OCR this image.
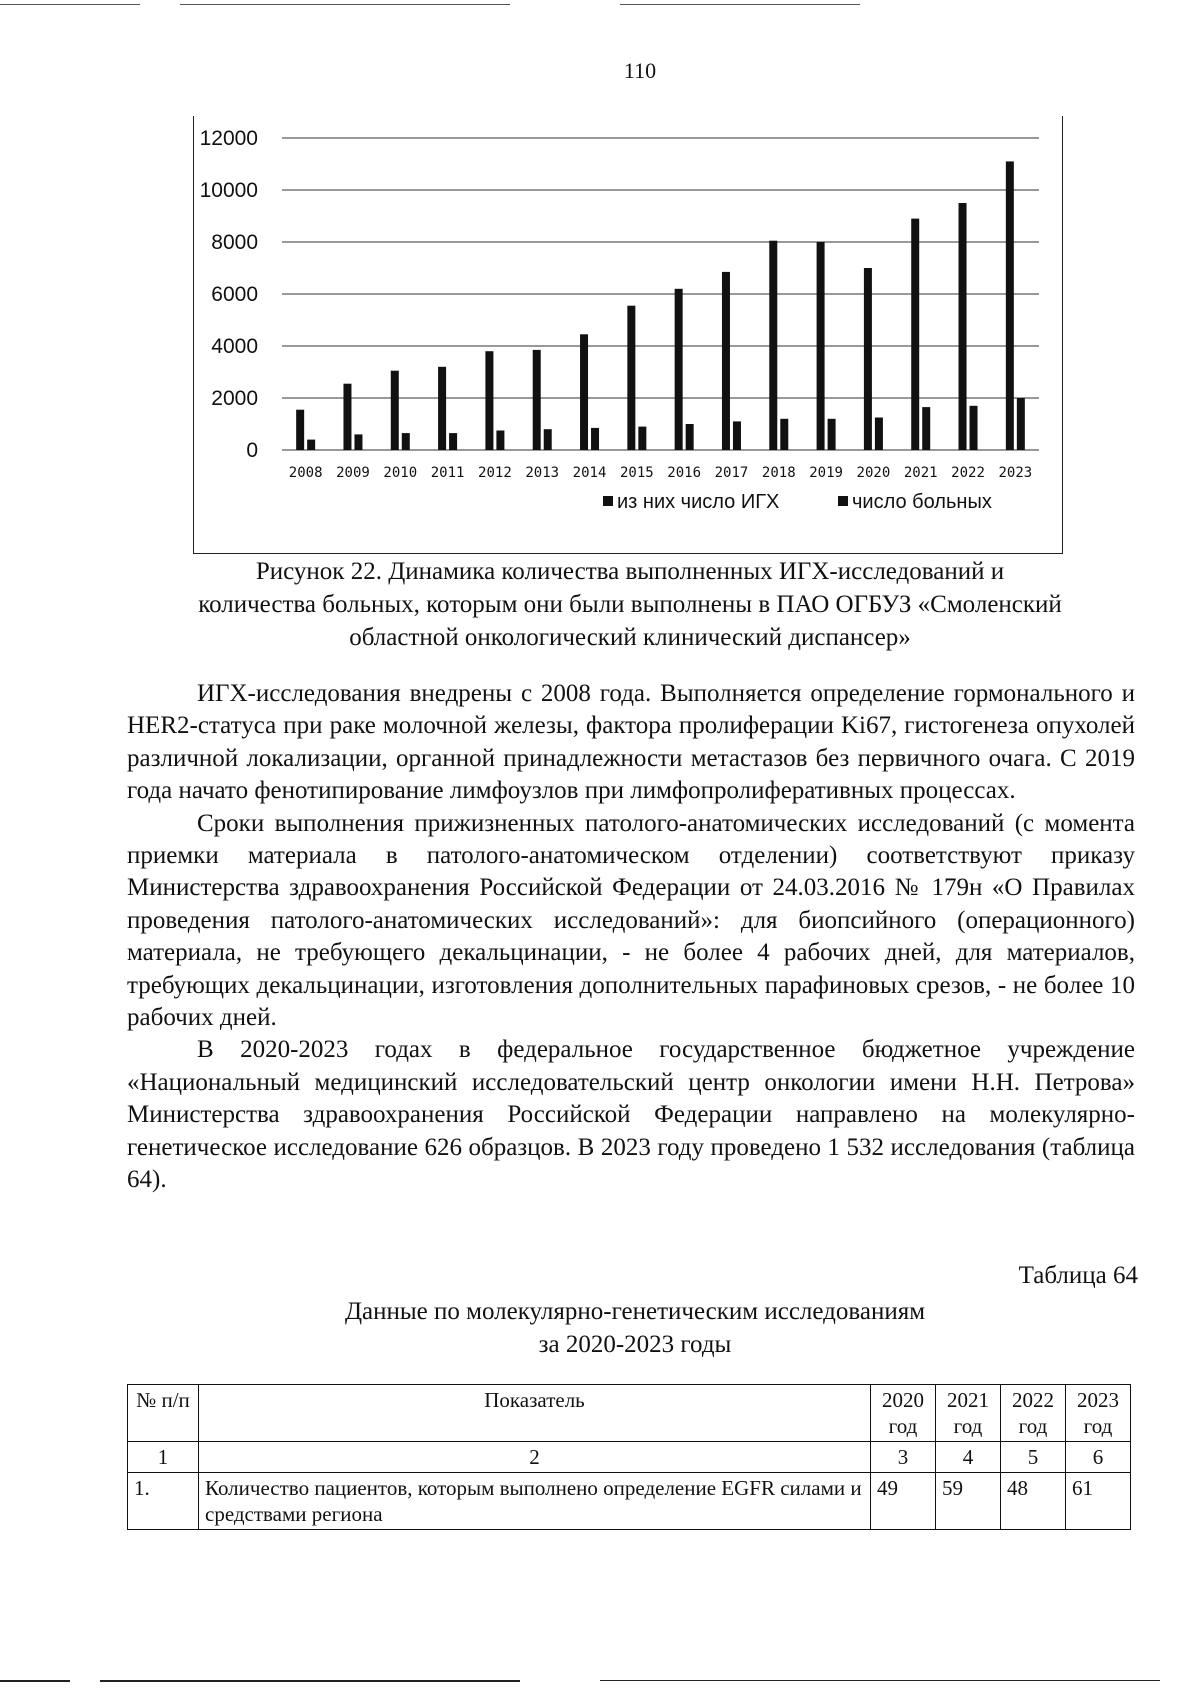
110
0
2000
4000
6000
8000
10000
12000
2008 2009 2010 2011 2012 2013 2014 2015 2016 2017 2018 2019 2020 2021 2022 2023
из них число ИГХ	число больных
Рисунок 22. Динамика количества выполненных ИГХ-исследований и
количества больных, которым они были выполнены в ПАО ОГБУЗ «Смоленский
областной онкологический клинический диспансер»

ИГХ-исследования внедрены с 2008 года. Выполняется определение гормонального и HER2-статуса при раке молочной железы, фактора пролиферации Ki67, гистогенеза опухолей различной локализации, органной принадлежности метастазов без первичного очага. С 2019 года начато фенотипирование лимфоузлов при лимфопролиферативных процессах.

Сроки выполнения прижизненных патолого-анатомических исследований (с момента приемки материала в патолого-анатомическом отделении) соответствуют приказу Министерства здравоохранения Российской Федерации от 24.03.2016 № 179н «О Правилах проведения патолого-анатомических исследований»: для биопсийного (операционного) материала, не требующего декальцинации, - не более 4 рабочих дней, для материалов, требующих декальцинации, изготовления дополнительных парафиновых срезов, - не более 10 рабочих дней.

В 2020-2023 годах в федеральное государственное бюджетное учреждение «Национальный медицинский исследовательский центр онкологии имени Н.Н. Петрова» Министерства здравоохранения Российской Федерации направлено на молекулярно-генетическое исследование 626 образцов. В 2023 году проведено 1 532 исследования (таблица 64).

Таблица 64
Данные по молекулярно-генетическим исследованиям
за 2020-2023 годы
№ п/п	Показатель	2020 год	2021 год	2022 год	2023 год
1	2	3	4	5	6
1.	Количество пациентов, которым выполнено определение EGFR силами и средствами региона	49	59	48	61
